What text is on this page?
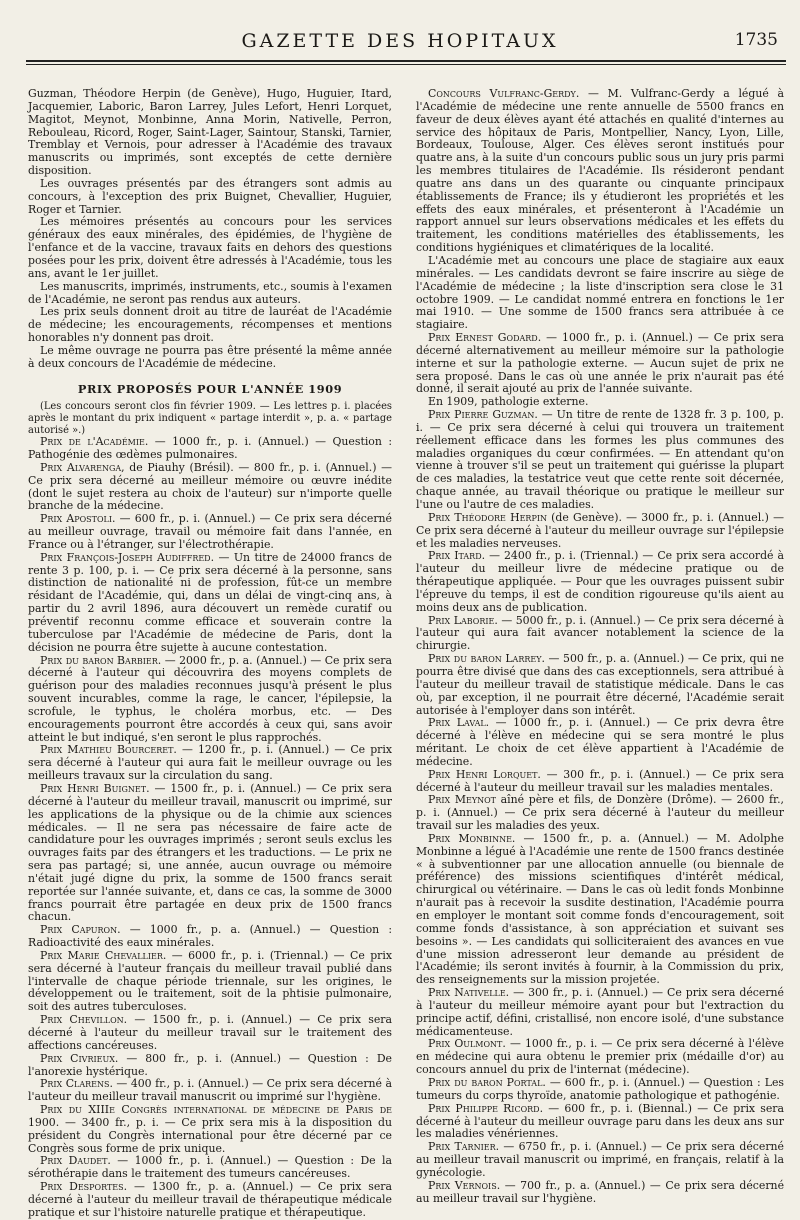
GAZETTE DES HOPITAUX	1735

Guzman, Théodore Herpin (de Genève), Hugo, Huguier, Itard, Jacquemier, Laboric, Baron Larrey, Jules Lefort, Henri Lorquet, Magitot, Meynot, Monbinne, Anna Morin, Nativelle, Perron, Rebouleau, Ricord, Roger, Saint-Lager, Saintour, Stanski, Tarnier, Tremblay et Vernois, pour adresser à l'Académie des travaux manuscrits ou imprimés, sont exceptés de cette dernière disposition.

Les ouvrages présentés par des étrangers sont admis au concours, à l'exception des prix Buignet, Chevallier, Huguier, Roger et Tarnier.

Les mémoires présentés au concours pour les services généraux des eaux minérales, des épidémies, de l'hygiène de l'enfance et de la vaccine, travaux faits en dehors des questions posées pour les prix, doivent être adressés à l'Académie, tous les ans, avant le 1er juillet.

Les manuscrits, imprimés, instruments, etc., soumis à l'examen de l'Académie, ne seront pas rendus aux auteurs.

Les prix seuls donnent droit au titre de lauréat de l'Académie de médecine; les encouragements, récompenses et mentions honorables n'y donnent pas droit.

Le même ouvrage ne pourra pas être présenté la même année à deux concours de l'Académie de médecine.

PRIX PROPOSÉS POUR L'ANNÉE 1909

(Les concours seront clos fin février 1909. — Les lettres p. i. placées après le montant du prix indiquent « partage interdit », p. a. « partage autorisé ».)

Prix de l'Académie. — 1000 fr., p. i. (Annuel.) — Question : Pathogénie des œdèmes pulmonaires.

Prix Alvarenga, de Piauhy (Brésil). — 800 fr., p. i. (Annuel.) — Ce prix sera décerné au meilleur mémoire ou œuvre inédite (dont le sujet restera au choix de l'auteur) sur n'importe quelle branche de la médecine.

Prix Apostoli. — 600 fr., p. i. (Annuel.) — Ce prix sera décerné au meilleur ouvrage, travail ou mémoire fait dans l'année, en France ou à l'étranger, sur l'électrothérapie.

Prix François-Joseph Audiffred. — Un titre de 24000 francs de rente 3 p. 100, p. i. — Ce prix sera décerné à la personne, sans distinction de nationalité ni de profession, fût-ce un membre résidant de l'Académie, qui, dans un délai de vingt-cinq ans, à partir du 2 avril 1896, aura découvert un remède curatif ou préventif reconnu comme efficace et souverain contre la tuberculose par l'Académie de médecine de Paris, dont la décision ne pourra être sujette à aucune contestation.

Prix du baron Barbier. — 2000 fr., p. a. (Annuel.) — Ce prix sera décerné à l'auteur qui découvrira des moyens complets de guérison pour des maladies reconnues jusqu'à présent le plus souvent incurables, comme la rage, le cancer, l'épilepsie, la scrofule, le typhus, le choléra morbus, etc. — Des encouragements pourront être accordés à ceux qui, sans avoir atteint le but indiqué, s'en seront le plus rapprochés.

Prix Mathieu Bourceret. — 1200 fr., p. i. (Annuel.) — Ce prix sera décerné à l'auteur qui aura fait le meilleur ouvrage ou les meilleurs travaux sur la circulation du sang.

Prix Henri Buignet. — 1500 fr., p. i. (Annuel.) — Ce prix sera décerné à l'auteur du meilleur travail, manuscrit ou imprimé, sur les applications de la physique ou de la chimie aux sciences médicales. — Il ne sera pas nécessaire de faire acte de candidature pour les ouvrages imprimés ; seront seuls exclus les ouvrages faits par des étrangers et les traductions. — Le prix ne sera pas partagé; si, une année, aucun ouvrage ou mémoire n'était jugé digne du prix, la somme de 1500 francs serait reportée sur l'année suivante, et, dans ce cas, la somme de 3000 francs pourrait être partagée en deux prix de 1500 francs chacun.

Prix Capuron. — 1000 fr., p. a. (Annuel.) — Question : Radioactivité des eaux minérales.

Prix Marie Chevallier. — 6000 fr., p. i. (Triennal.) — Ce prix sera décerné à l'auteur français du meilleur travail publié dans l'intervalle de chaque période triennale, sur les origines, le développement ou le traitement, soit de la phtisie pulmonaire, soit des autres tuberculoses.

Prix Chevillon. — 1500 fr., p. i. (Annuel.) — Ce prix sera décerné à l'auteur du meilleur travail sur le traitement des affections cancéreuses.

Prix Civrieux. — 800 fr., p. i. (Annuel.) — Question : De l'anorexie hystérique.

Prix Clarens. — 400 fr., p. i. (Annuel.) — Ce prix sera décerné à l'auteur du meilleur travail manuscrit ou imprimé sur l'hygiène.

Prix du XIIIe Congrès international de médecine de Paris de 1900. — 3400 fr., p. i. — Ce prix sera mis à la disposition du président du Congrès international pour être décerné par ce Congrès sous forme de prix unique.

Prix Daudet. — 1000 fr., p. i. (Annuel.) — Question : De la sérothérapie dans le traitement des tumeurs cancéreuses.

Prix Desportes. — 1300 fr., p. a. (Annuel.) — Ce prix sera décerné à l'auteur du meilleur travail de thérapeutique médicale pratique et sur l'histoire naturelle pratique et thérapeutique.

Concours Vulfranc-Gerdy. — M. Vulfranc-Gerdy a légué à l'Académie de médecine une rente annuelle de 5500 francs en faveur de deux élèves ayant été attachés en qualité d'internes au service des hôpitaux de Paris, Montpellier, Nancy, Lyon, Lille, Bordeaux, Toulouse, Alger. Ces élèves seront institués pour quatre ans, à la suite d'un concours public sous un jury pris parmi les membres titulaires de l'Académie. Ils résideront pendant quatre ans dans un des quarante ou cinquante principaux établissements de France; ils y étudieront les propriétés et les effets des eaux minérales, et présenteront à l'Académie un rapport annuel sur leurs observations médicales et les effets du traitement, les conditions matérielles des établissements, les conditions hygiéniques et climatériques de la localité.

L'Académie met au concours une place de stagiaire aux eaux minérales. — Les candidats devront se faire inscrire au siège de l'Académie de médecine ; la liste d'inscription sera close le 31 octobre 1909. — Le candidat nommé entrera en fonctions le 1er mai 1910. — Une somme de 1500 francs sera attribuée à ce stagiaire.

Prix Ernest Godard. — 1000 fr., p. i. (Annuel.) — Ce prix sera décerné alternativement au meilleur mémoire sur la pathologie interne et sur la pathologie externe. — Aucun sujet de prix ne sera proposé. Dans le cas où une année le prix n'aurait pas été donné, il serait ajouté au prix de l'année suivante.

En 1909, pathologie externe.

Prix Pierre Guzman. — Un titre de rente de 1328 fr. 3 p. 100, p. i. — Ce prix sera décerné à celui qui trouvera un traitement réellement efficace dans les formes les plus communes des maladies organiques du cœur confirmées. — En attendant qu'on vienne à trouver s'il se peut un traitement qui guérisse la plupart de ces maladies, la testatrice veut que cette rente soit décernée, chaque année, au travail théorique ou pratique le meilleur sur l'une ou l'autre de ces maladies.

Prix Théodore Herpin (de Genève). — 3000 fr., p. i. (Annuel.) — Ce prix sera décerné à l'auteur du meilleur ouvrage sur l'épilepsie et les maladies nerveuses.

Prix Itard. — 2400 fr., p. i. (Triennal.) — Ce prix sera accordé à l'auteur du meilleur livre de médecine pratique ou de thérapeutique appliquée. — Pour que les ouvrages puissent subir l'épreuve du temps, il est de condition rigoureuse qu'ils aient au moins deux ans de publication.

Prix Laborie. — 5000 fr., p. i. (Annuel.) — Ce prix sera décerné à l'auteur qui aura fait avancer notablement la science de la chirurgie.

Prix du baron Larrey. — 500 fr., p. a. (Annuel.) — Ce prix, qui ne pourra être divisé que dans des cas exceptionnels, sera attribué à l'auteur du meilleur travail de statistique médicale. Dans le cas où, par exception, il ne pourrait être décerné, l'Académie serait autorisée à l'employer dans son intérêt.

Prix Laval. — 1000 fr., p. i. (Annuel.) — Ce prix devra être décerné à l'élève en médecine qui se sera montré le plus méritant. Le choix de cet élève appartient à l'Académie de médecine.

Prix Henri Lorquet. — 300 fr., p. i. (Annuel.) — Ce prix sera décerné à l'auteur du meilleur travail sur les maladies mentales.

Prix Meynot aîné père et fils, de Donzère (Drôme). — 2600 fr., p. i. (Annuel.) — Ce prix sera décerné à l'auteur du meilleur travail sur les maladies des yeux.

Prix Monbinne. — 1500 fr., p. a. (Annuel.) — M. Adolphe Monbinne a légué à l'Académie une rente de 1500 francs destinée « à subventionner par une allocation annuelle (ou biennale de préférence) des missions scientifiques d'intérêt médical, chirurgical ou vétérinaire. — Dans le cas où ledit fonds Monbinne n'aurait pas à recevoir la susdite destination, l'Académie pourra en employer le montant soit comme fonds d'encouragement, soit comme fonds d'assistance, à son appréciation et suivant ses besoins ». — Les candidats qui solliciteraient des avances en vue d'une mission adresseront leur demande au président de l'Académie; ils seront invités à fournir, à la Commission du prix, des renseignements sur la mission projetée.

Prix Nativelle. — 300 fr., p. i. (Annuel.) — Ce prix sera décerné à l'auteur du meilleur mémoire ayant pour but l'extraction du principe actif, défini, cristallisé, non encore isolé, d'une substance médicamenteuse.

Prix Oulmont. — 1000 fr., p. i. — Ce prix sera décerné à l'élève en médecine qui aura obtenu le premier prix (médaille d'or) au concours annuel du prix de l'internat (médecine).

Prix du baron Portal. — 600 fr., p. i. (Annuel.) — Question : Les tumeurs du corps thyroïde, anatomie pathologique et pathogénie.

Prix Philippe Ricord. — 600 fr., p. i. (Biennal.) — Ce prix sera décerné à l'auteur du meilleur ouvrage paru dans les deux ans sur les maladies vénériennes.

Prix Tarnier. — 6750 fr., p. i. (Annuel.) — Ce prix sera décerné au meilleur travail manuscrit ou imprimé, en français, relatif à la gynécologie.

Prix Vernois. — 700 fr., p. a. (Annuel.) — Ce prix sera décerné au meilleur travail sur l'hygiène.
